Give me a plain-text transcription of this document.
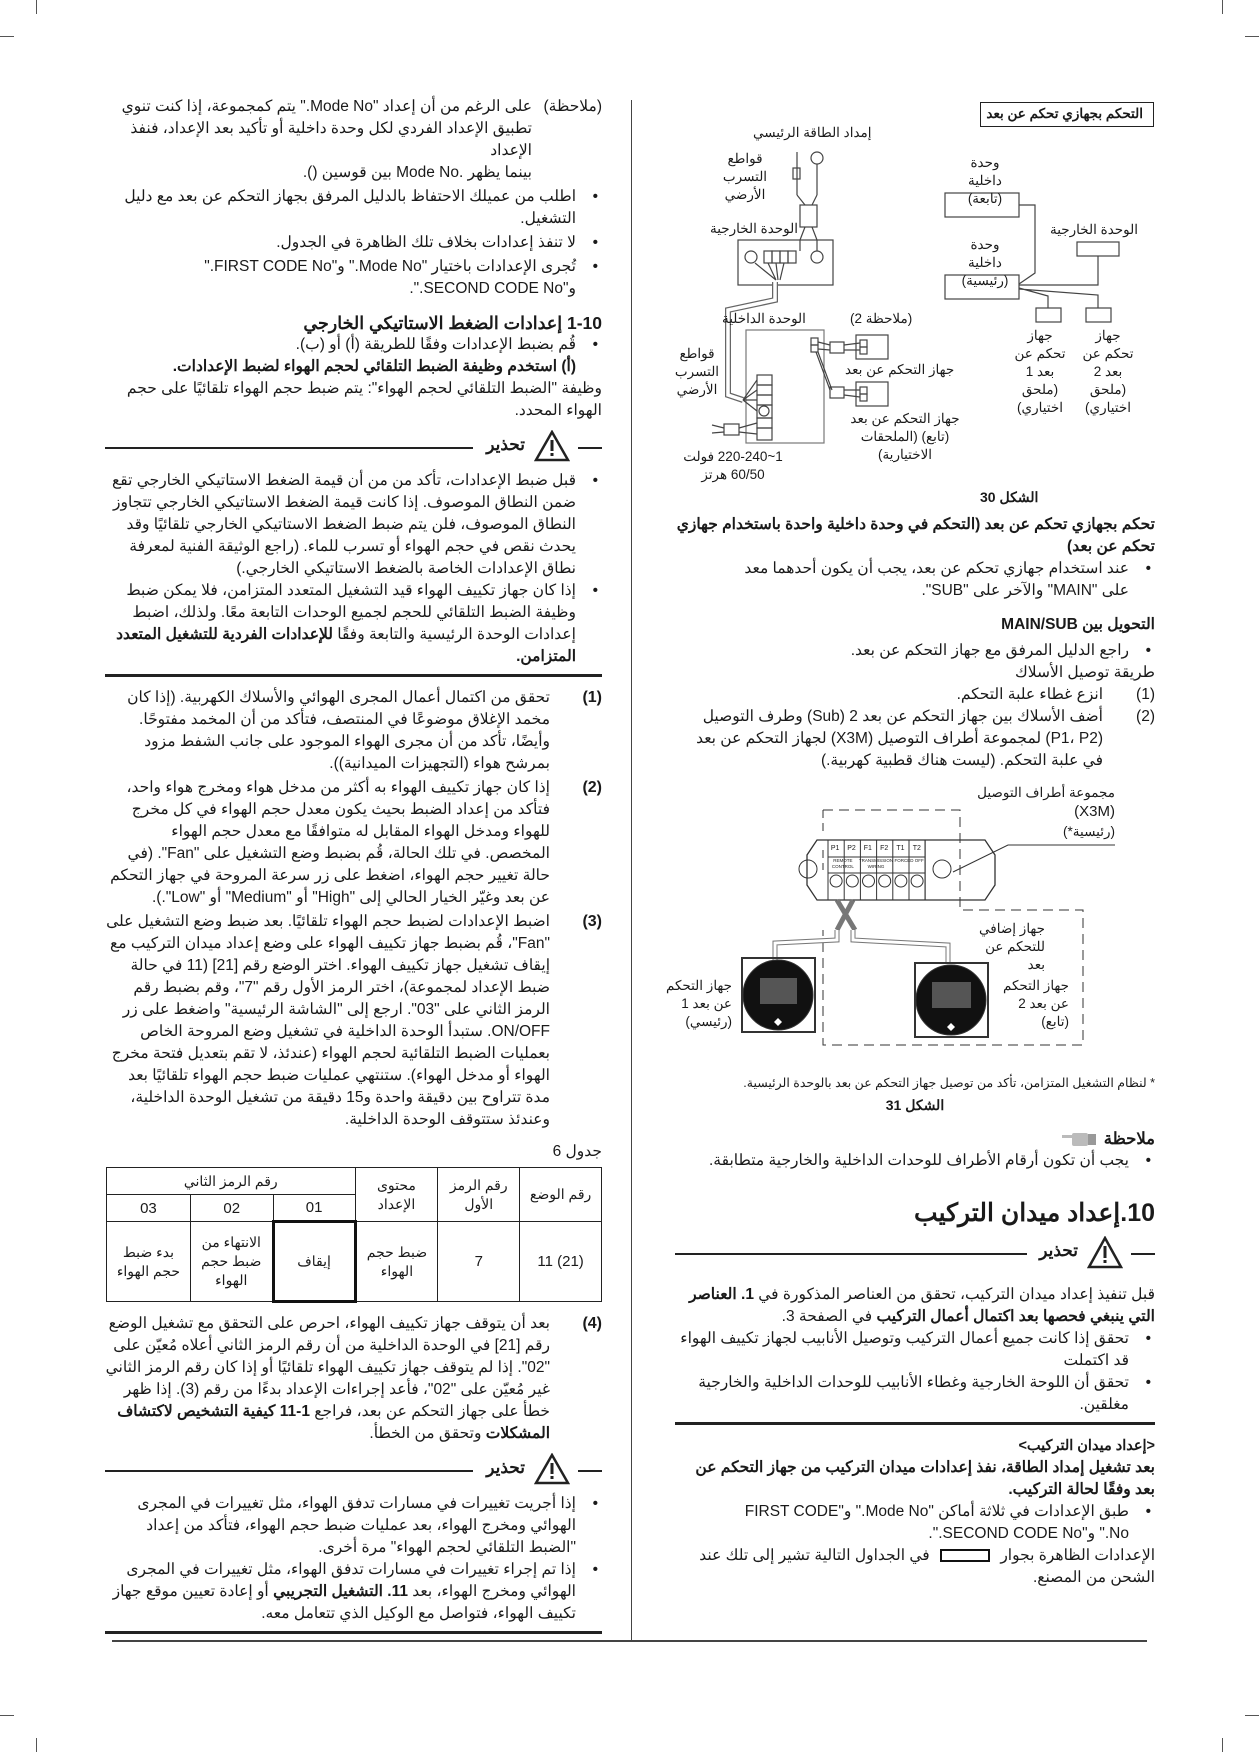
(ملاحظة)
على الرغم من أن إعداد "Mode No." يتم كمجموعة، إذا كنت تنوي
تطبيق الإعداد الفردي لكل وحدة داخلية أو تأكيد بعد الإعداد، فنفذ الإعداد
بينما يظهر .Mode No بين قوسين ().
• اطلب من عميلك الاحتفاظ بالدليل المرفق بجهاز التحكم عن بعد مع دليل التشغيل.
• لا تنفذ إعدادات بخلاف تلك الظاهرة في الجدول.
• تُجرى الإعدادات باختيار "Mode No." و"FIRST CODE No." و"SECOND CODE No.".
1-10 إعدادات الضغط الاستاتيكي الخارجي
• قُم بضبط الإعدادات وفقًا للطريقة (أ) أو (ب).
(أ) استخدم وظيفة الضبط التلقائي لحجم الهواء لضبط الإعدادات.
وظيفة "الضبط التلقائي لحجم الهواء": يتم ضبط حجم الهواء تلقائيًا على حجم الهواء المحدد.
تحذير
• قبل ضبط الإعدادات، تأكد من من أن قيمة الضغط الاستاتيكي الخارجي تقع ضمن النطاق الموصوف. إذا كانت قيمة الضغط الاستاتيكي الخارجي تتجاوز النطاق الموصوف، فلن يتم ضبط الضغط الاستاتيكي الخارجي تلقائيًا وقد يحدث نقص في حجم الهواء أو تسرب للماء. (راجع الوثيقة الفنية لمعرفة نطاق الإعدادات الخاصة بالضغط الاستاتيكي الخارجي.)
• إذا كان جهاز تكييف الهواء قيد التشغيل المتعدد المتزامن، فلا يمكن ضبط وظيفة الضبط التلقائي للحجم لجميع الوحدات التابعة معًا. ولذلك، اضبط إعدادات الوحدة الرئيسية والتابعة وفقًا للإعدادات الفردية للتشغيل المتعدد المتزامن.
(1)
تحقق من اكتمال أعمال المجرى الهوائي والأسلاك الكهربية. (إذا كان مخمد الإغلاق موضوعًا في المنتصف، فتأكد من أن المخمد مفتوحًا. وأيضًا، تأكد من أن مجرى الهواء الموجود على جانب الشفط مزود بمرشح هواء (التجهيزات الميدانية)).
(2)
إذا كان جهاز تكييف الهواء به أكثر من مدخل هواء ومخرج هواء واحد، فتأكد من إعداد الضبط بحيث يكون معدل حجم الهواء في كل مخرج للهواء ومدخل الهواء المقابل له متوافقًا مع معدل حجم الهواء المخصص. في تلك الحالة، قُم بضبط وضع التشغيل على "Fan". (في حالة تغيير حجم الهواء، اضغط على زر سرعة المروحة في جهاز التحكم عن بعد وغيّر الخيار الحالي إلى "High" أو "Medium" أو "Low".).
(3)
اضبط الإعدادات لضبط حجم الهواء تلقائيًا. بعد ضبط وضع التشغيل على "Fan"، قُم بضبط جهاز تكييف الهواء على وضع إعداد ميدان التركيب مع إيقاف تشغيل جهاز تكييف الهواء. اختر الوضع رقم [21] (11 في حالة ضبط الإعداد لمجموعة)، اختر الرمز الأول رقم "7"، وقم بضبط رقم الرمز الثاني على "03". ارجع إلى "الشاشة الرئيسية" واضغط على زر ON/OFF. ستبدأ الوحدة الداخلية في تشغيل وضع المروحة الخاص بعمليات الضبط التلقائية لحجم الهواء (عندئذ، لا تقم بتعديل فتحة مخرج الهواء أو مدخل الهواء). ستنتهي عمليات ضبط حجم الهواء تلقائيًا بعد مدة تتراوح بين دقيقة واحدة و15 دقيقة من تشغيل الوحدة الداخلية، وعندئذ ستتوقف الوحدة الداخلية.
جدول 6
رقم الوضع	رقم الرمز الأول	محتوى الإعداد	رقم الرمز الثاني		
			01	02	03
11 (21)	7	ضبط حجم الهواء	إيقاف	الانتهاء من ضبط حجم الهواء	بدء ضبط حجم الهواء
(4)
بعد أن يتوقف جهاز تكييف الهواء، احرص على التحقق مع تشغيل الوضع رقم [21] في الوحدة الداخلية من أن رقم الرمز الثاني أعلاه مُعيّن على "02". إذا لم يتوقف جهاز تكييف الهواء تلقائيًا أو إذا كان رقم الرمز الثاني غير مُعيّن على "02"، فأعد إجراءات الإعداد بدءًا من رقم (3). إذا ظهر خطأ على جهاز التحكم عن بعد، فراجع 1-11 كيفية التشخيص لاكتشاف المشكلات وتحقق من الخطأ.
تحذير
• إذا أجريت تغييرات في مسارات تدفق الهواء، مثل تغييرات في المجرى الهوائي ومخرج الهواء، بعد عمليات ضبط حجم الهواء، فتأكد من إعداد "الضبط التلقائي لحجم الهواء" مرة أخرى.
• إذا تم إجراء تغييرات في مسارات تدفق الهواء، مثل تغييرات في المجرى الهوائي ومخرج الهواء، بعد 11. التشغيل التجريبي أو إعادة تعيين موقع جهاز تكييف الهواء، فتواصل مع الوكيل الذي تتعامل معه.
التحكم بجهازي تحكم عن بعد
إمداد الطاقة الرئيسي
قواطع التسرب الأرضي
الوحدة الخارجية
الوحدة الداخلية	(ملاحظة 2)
قواطع التسرب الأرضي
جهاز التحكم عن بعد
جهاز التحكم عن بعد (تابع) (الملحقات الاختيارية)
1~220-240 فولت 60/50 هرتز
وحدة داخلية (تابعة)
وحدة داخلية (رئيسية)
الوحدة الخارجية
جهاز تحكم عن بعد 1 (ملحق اختياري)
جهاز تحكم عن بعد 2 (ملحق اختياري)
الشكل 30
تحكم بجهازي تحكم عن بعد (التحكم في وحدة داخلية واحدة باستخدام جهازي تحكم عن بعد)
• عند استخدام جهازي تحكم عن بعد، يجب أن يكون أحدهما معد على "MAIN" والآخر على "SUB".
التحويل بين MAIN/SUB
• راجع الدليل المرفق مع جهاز التحكم عن بعد.
طريقة توصيل الأسلاك
(1)
انزع غطاء علبة التحكم.
(2)
أضف الأسلاك بين جهاز التحكم عن بعد 2 (Sub) وطرف التوصيل (P1، P2) لمجموعة أطراف التوصيل (X3M) لجهاز التحكم عن بعد في علبة التحكم. (ليست هناك قطبية كهربية.)
P1	P2	F1	F2	T1	T2
REMOTE CONTROL
TRANSMISSION WIRING
FORCED OFF
مجموعة أطراف التوصيل
(X3M)
(رئيسية*)
جهاز إضافي للتحكم عن بعد
جهاز التحكم عن بعد 1 (رئيسي)
جهاز التحكم عن بعد 2 (تابع)
* لنظام التشغيل المتزامن، تأكد من توصيل جهاز التحكم عن بعد بالوحدة الرئيسية.
الشكل 31
ملاحظة
• يجب أن تكون أرقام الأطراف للوحدات الداخلية والخارجية متطابقة.
10.إعداد ميدان التركيب
تحذير
قبل تنفيذ إعداد ميدان التركيب، تحقق من العناصر المذكورة في 1. العناصر التي ينبغي فحصها بعد اكتمال أعمال التركيب في الصفحة 3.
• تحقق إذا كانت جميع أعمال التركيب وتوصيل الأنابيب لجهاز تكييف الهواء قد اكتملت
• تحقق أن اللوحة الخارجية وغطاء الأنابيب للوحدات الداخلية والخارجية مغلقين.
<إعداد ميدان التركيب>
بعد تشغيل إمداد الطاقة، نفذ إعدادات ميدان التركيب من جهاز التحكم عن بعد وفقًا لحالة التركيب.
• طبق الإعدادات في ثلاثة أماكن "Mode No." و"FIRST CODE No." و"SECOND CODE No.".
الإعدادات الظاهرة بجوار  في الجداول التالية تشير إلى تلك عند الشحن من المصنع.
